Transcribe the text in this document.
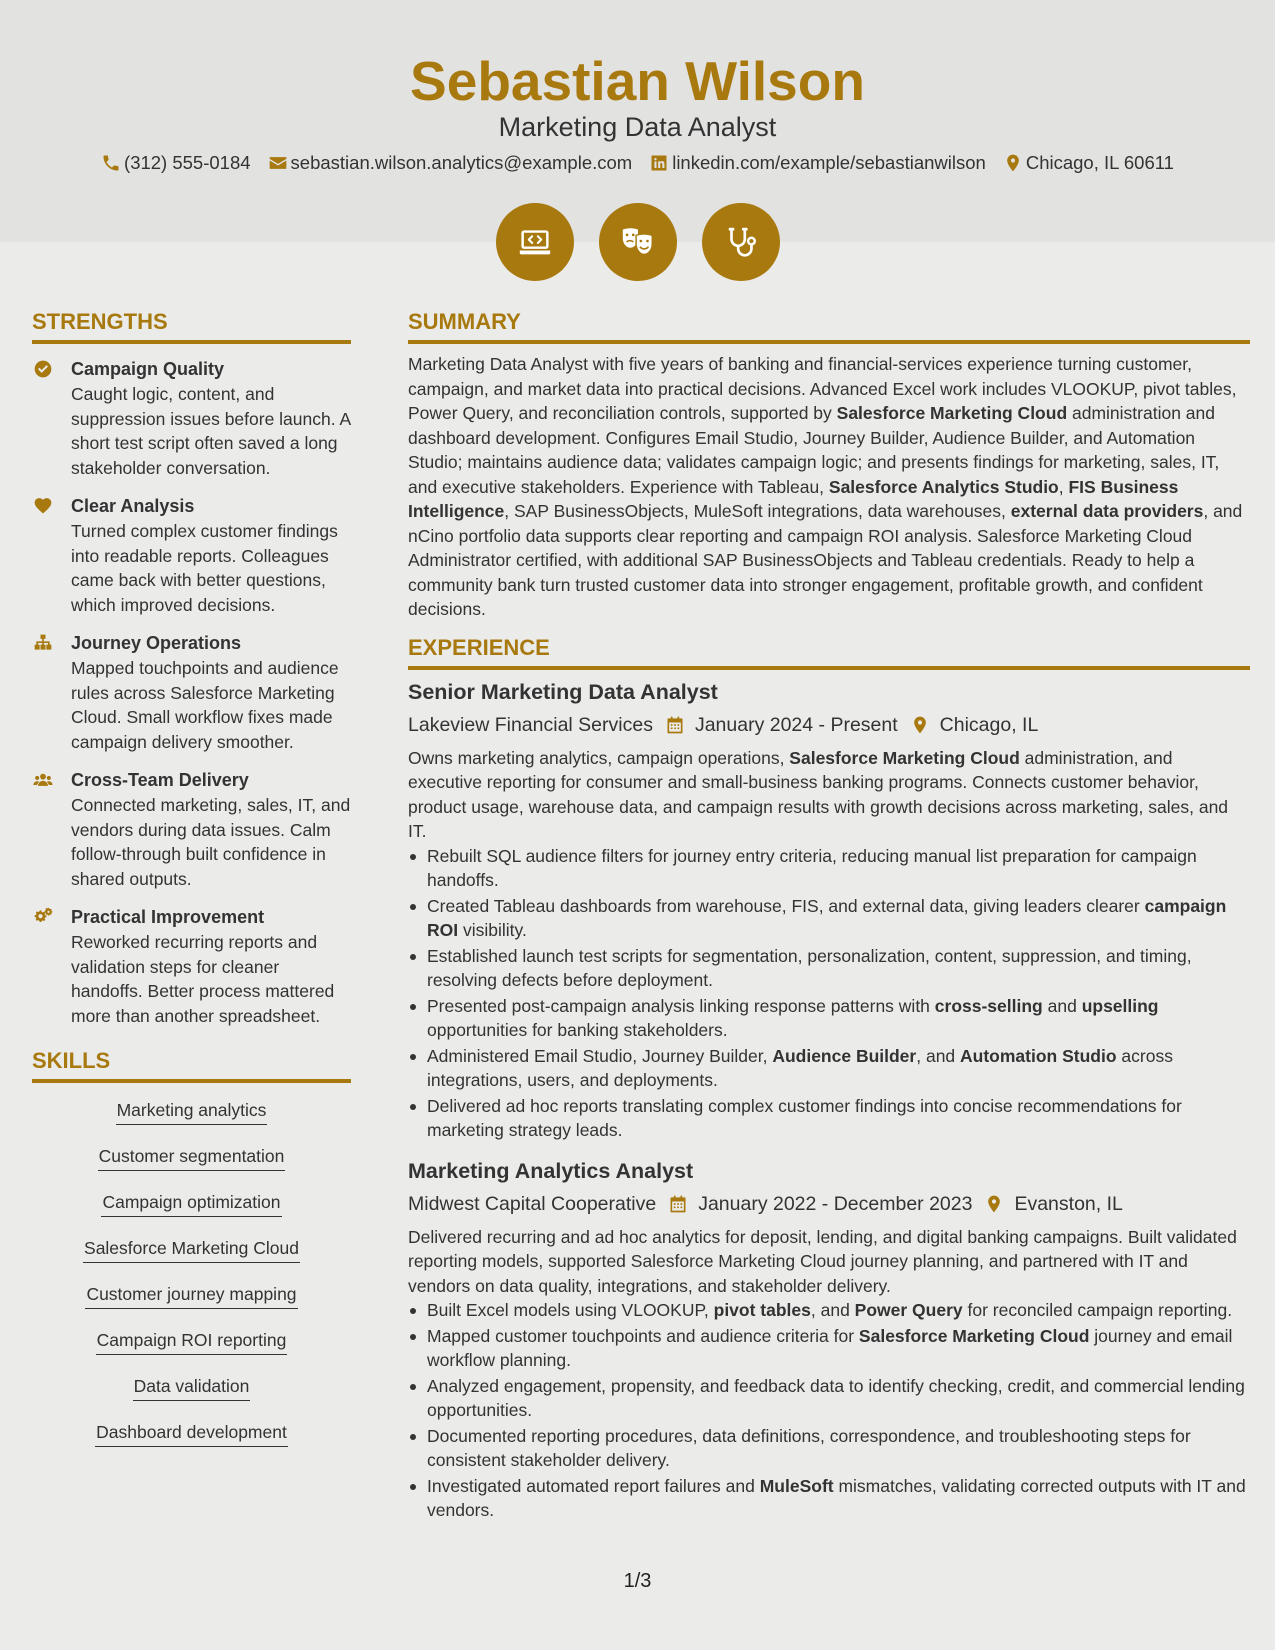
Sebastian Wilson
Marketing Data Analyst
(312) 555-0184 sebastian.wilson.analytics@example.com linkedin.com/example/sebastianwilson Chicago, IL 60611
STRENGTHS
Campaign Quality
Caught logic, content, and suppression issues before launch. A short test script often saved a long stakeholder conversation.
Clear Analysis
Turned complex customer findings into readable reports. Colleagues came back with better questions, which improved decisions.
Journey Operations
Mapped touchpoints and audience rules across Salesforce Marketing Cloud. Small workflow fixes made campaign delivery smoother.
Cross-Team Delivery
Connected marketing, sales, IT, and vendors during data issues. Calm follow-through built confidence in shared outputs.
Practical Improvement
Reworked recurring reports and validation steps for cleaner handoffs. Better process mattered more than another spreadsheet.
SKILLS
Marketing analytics
Customer segmentation
Campaign optimization
Salesforce Marketing Cloud
Customer journey mapping
Campaign ROI reporting
Data validation
Dashboard development
SUMMARY
Marketing Data Analyst with five years of banking and financial-services experience turning customer, campaign, and market data into practical decisions. Advanced Excel work includes VLOOKUP, pivot tables, Power Query, and reconciliation controls, supported by Salesforce Marketing Cloud administration and dashboard development. Configures Email Studio, Journey Builder, Audience Builder, and Automation Studio; maintains audience data; validates campaign logic; and presents findings for marketing, sales, IT, and executive stakeholders. Experience with Tableau, Salesforce Analytics Studio, FIS Business Intelligence, SAP BusinessObjects, MuleSoft integrations, data warehouses, external data providers, and nCino portfolio data supports clear reporting and campaign ROI analysis. Salesforce Marketing Cloud Administrator certified, with additional SAP BusinessObjects and Tableau credentials. Ready to help a community bank turn trusted customer data into stronger engagement, profitable growth, and confident decisions.
EXPERIENCE
Senior Marketing Data Analyst
Lakeview Financial Services January 2024 - Present Chicago, IL
Owns marketing analytics, campaign operations, Salesforce Marketing Cloud administration, and executive reporting for consumer and small-business banking programs. Connects customer behavior, product usage, warehouse data, and campaign results with growth decisions across marketing, sales, and IT.
Rebuilt SQL audience filters for journey entry criteria, reducing manual list preparation for campaign handoffs.
Created Tableau dashboards from warehouse, FIS, and external data, giving leaders clearer campaign ROI visibility.
Established launch test scripts for segmentation, personalization, content, suppression, and timing, resolving defects before deployment.
Presented post-campaign analysis linking response patterns with cross-selling and upselling opportunities for banking stakeholders.
Administered Email Studio, Journey Builder, Audience Builder, and Automation Studio across integrations, users, and deployments.
Delivered ad hoc reports translating complex customer findings into concise recommendations for marketing strategy leads.
Marketing Analytics Analyst
Midwest Capital Cooperative January 2022 - December 2023 Evanston, IL
Delivered recurring and ad hoc analytics for deposit, lending, and digital banking campaigns. Built validated reporting models, supported Salesforce Marketing Cloud journey planning, and partnered with IT and vendors on data quality, integrations, and stakeholder delivery.
Built Excel models using VLOOKUP, pivot tables, and Power Query for reconciled campaign reporting.
Mapped customer touchpoints and audience criteria for Salesforce Marketing Cloud journey and email workflow planning.
Analyzed engagement, propensity, and feedback data to identify checking, credit, and commercial lending opportunities.
Documented reporting procedures, data definitions, correspondence, and troubleshooting steps for consistent stakeholder delivery.
Investigated automated report failures and MuleSoft mismatches, validating corrected outputs with IT and vendors.
1/3
